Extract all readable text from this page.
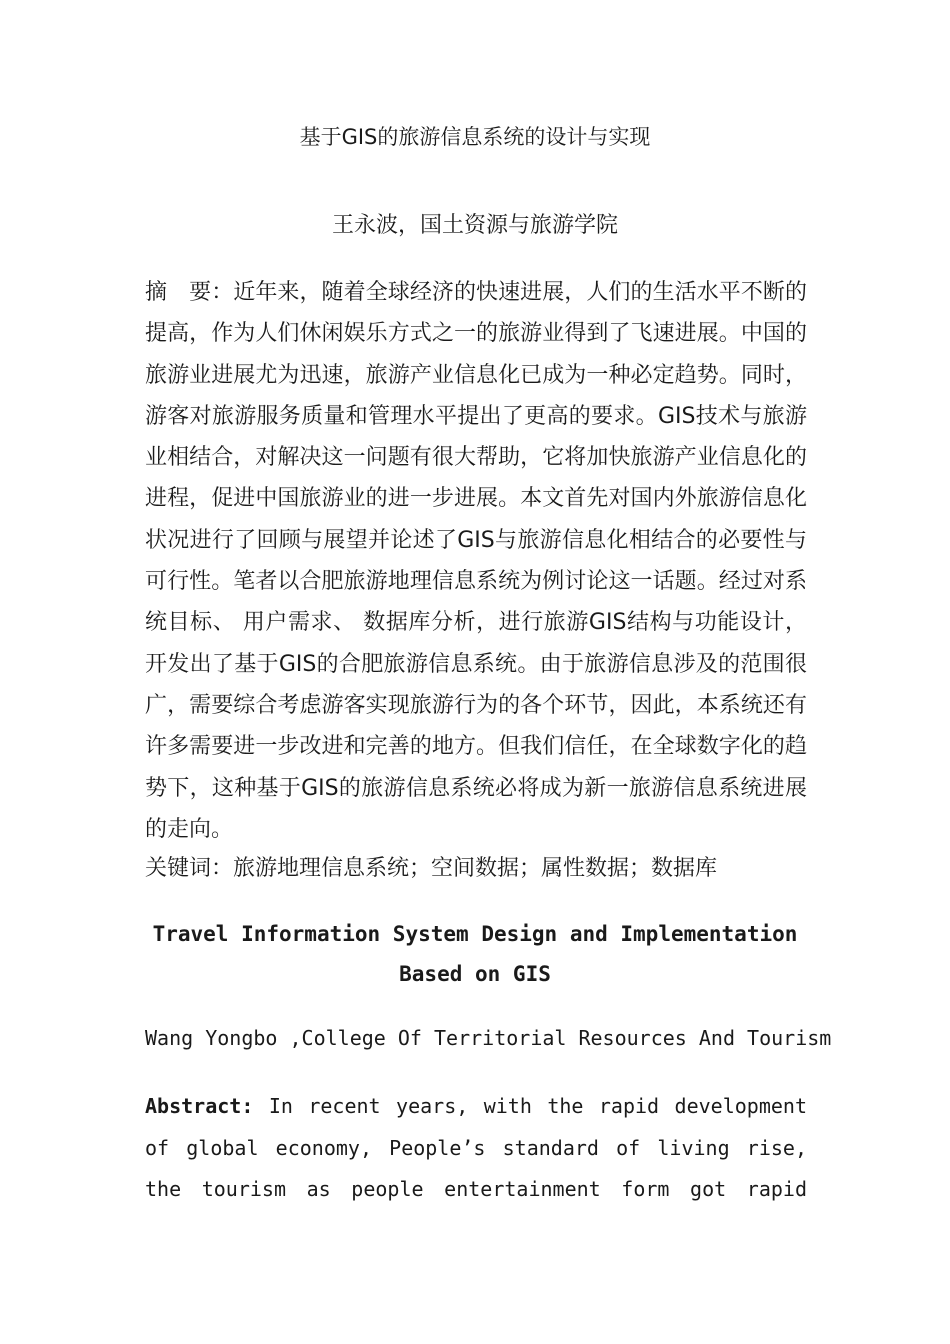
基于GIS的旅游信息系统的设计与实现
王永波，国土资源与旅游学院
摘　要：近年来，随着全球经济的快速进展，人们的生活水平不断的提高，作为人们休闲娱乐方式之一的旅游业得到了飞速进展。中国的旅游业进展尤为迅速，旅游产业信息化已成为一种必定趋势。同时，游客对旅游服务质量和管理水平提出了更高的要求。GIS技术与旅游业相结合，对解决这一问题有很大帮助，它将加快旅游产业信息化的进程，促进中国旅游业的进一步进展。本文首先对国内外旅游信息化状况进行了回顾与展望并论述了GIS与旅游信息化相结合的必要性与可行性。笔者以合肥旅游地理信息系统为例讨论这一话题。经过对系统目标、 用户需求、 数据库分析，进行旅游GIS结构与功能设计，开发出了基于GIS的合肥旅游信息系统。由于旅游信息涉及的范围很广，需要综合考虑游客实现旅游行为的各个环节，因此，本系统还有许多需要进一步改进和完善的地方。但我们信任，在全球数字化的趋势下，这种基于GIS的旅游信息系统必将成为新一旅游信息系统进展的走向。
关键词：旅游地理信息系统；空间数据；属性数据；数据库
Travel Information System Design and Implementation
Based on GIS
Wang Yongbo ,College Of Territorial Resources And Tourism
Abstract: In recent years, with the rapid development of global economy, People’s standard of living rise, the tourism as people entertainment form got rapid
